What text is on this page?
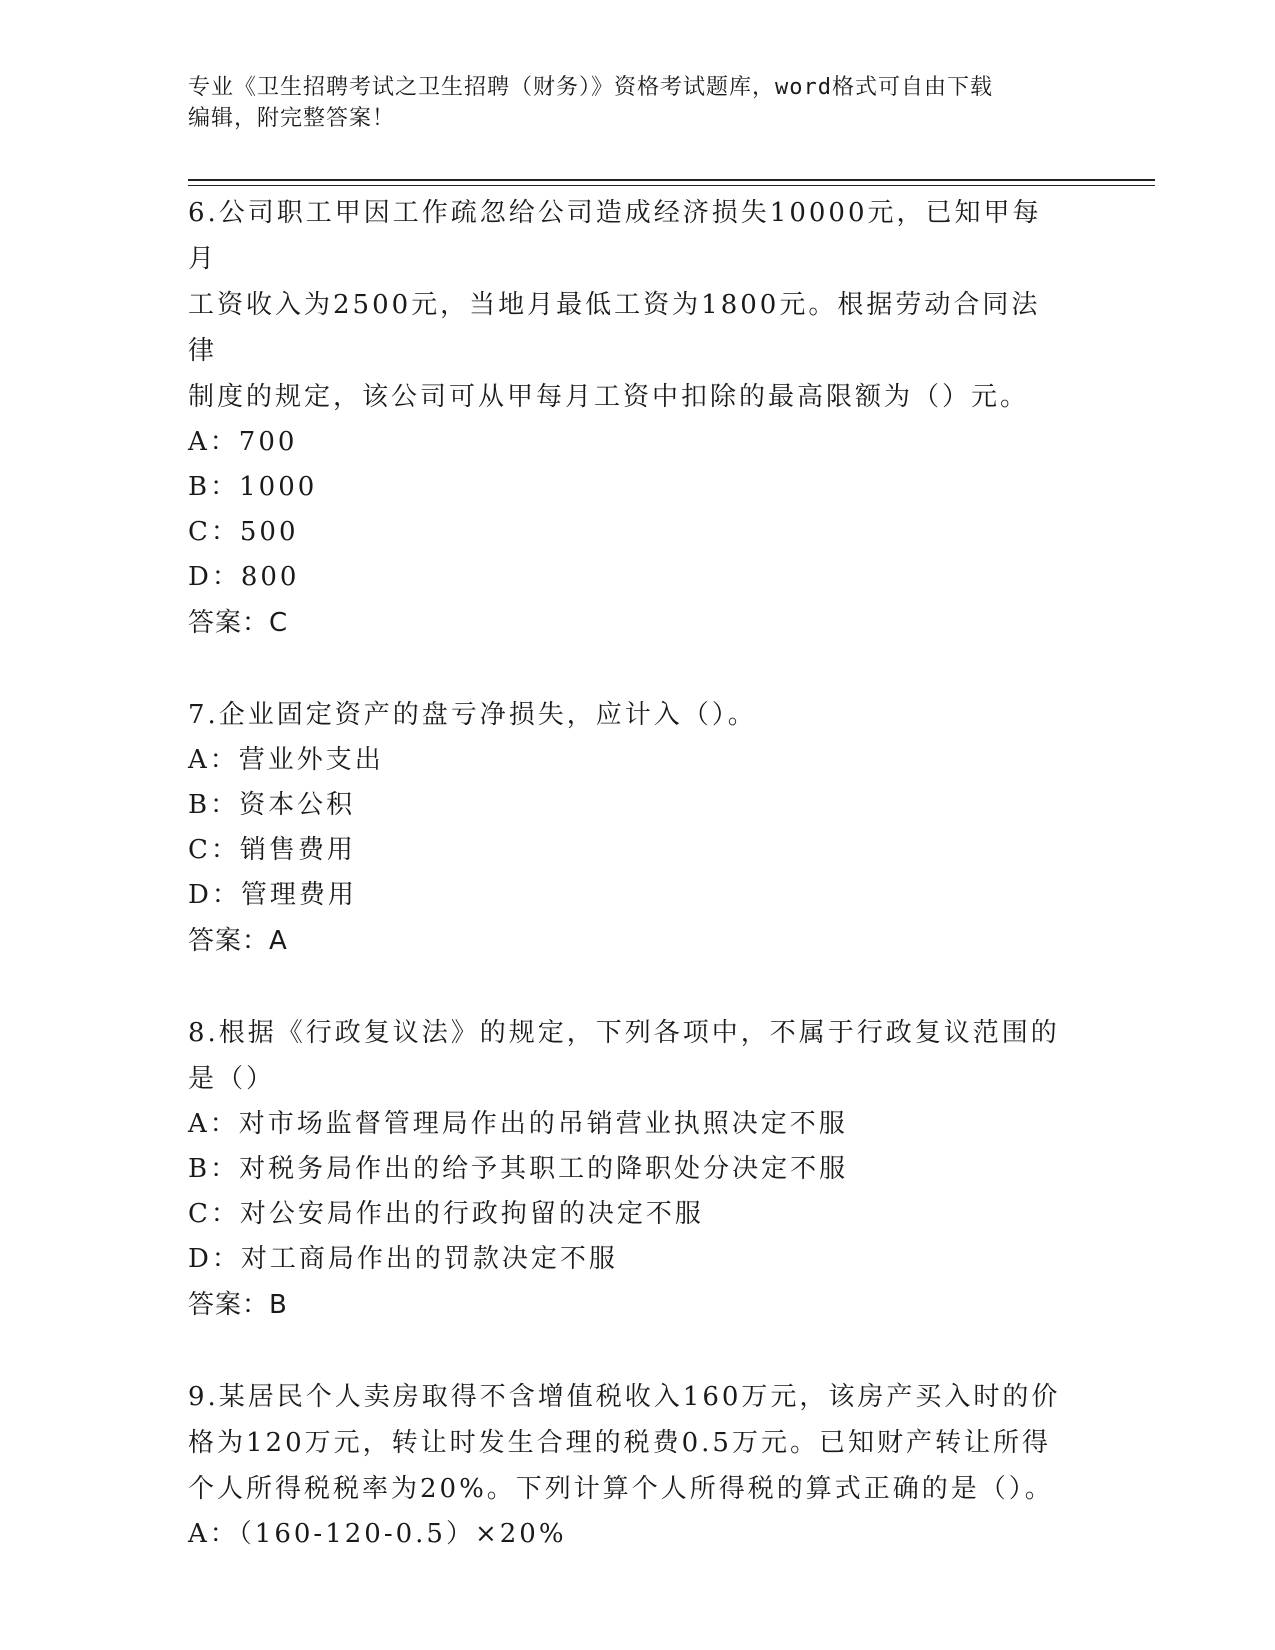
专业《卫生招聘考试之卫生招聘（财务）》资格考试题库，word格式可自由下载
编辑，附完整答案！
6.公司职工甲因工作疏忽给公司造成经济损失10000元，已知甲每月
工资收入为2500元，当地月最低工资为1800元。根据劳动合同法律
制度的规定，该公司可从甲每月工资中扣除的最高限额为（）元。
A：700
B：1000
C：500
D：800
答案：C
7.企业固定资产的盘亏净损失，应计入（）。
A：营业外支出
B：资本公积
C：销售费用
D：管理费用
答案：A
8.根据《行政复议法》的规定，下列各项中，不属于行政复议范围的
是（）
A：对市场监督管理局作出的吊销营业执照决定不服
B：对税务局作出的给予其职工的降职处分决定不服
C：对公安局作出的行政拘留的决定不服
D：对工商局作出的罚款决定不服
答案：B
9.某居民个人卖房取得不含增值税收入160万元，该房产买入时的价
格为120万元，转让时发生合理的税费0.5万元。已知财产转让所得
个人所得税税率为20%。下列计算个人所得税的算式正确的是（）。
A：（160-120-0.5）×20%
